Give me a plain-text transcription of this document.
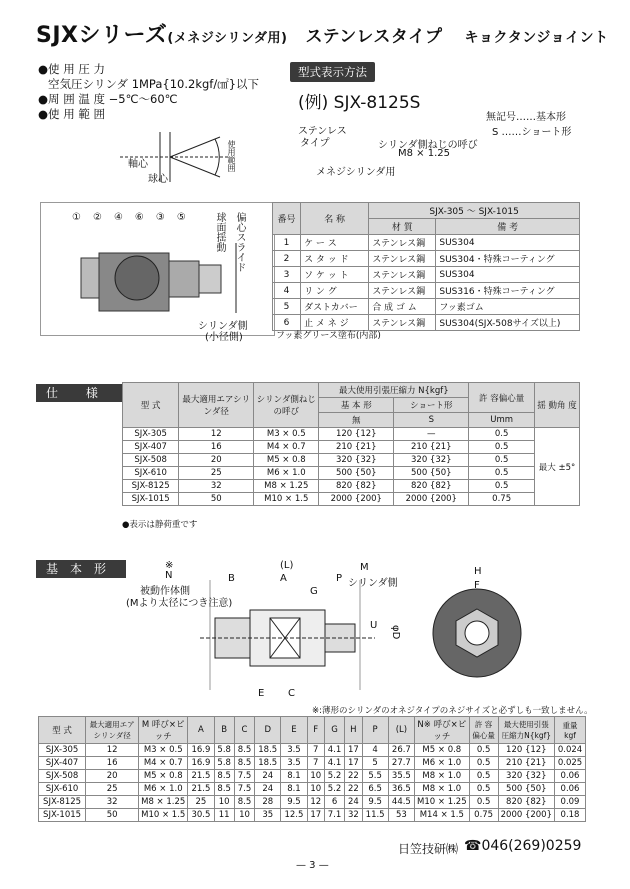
SJXシリーズ(メネジシリンダ用) ステンレスタイプ キョクタンジョイント
●使 用 圧 力
空気圧シリンダ 1MPa{10.2kgf/㎠}以下
●周 囲 温 度 −5℃〜60℃
●使 用 範 囲
軸心
球心
使用範囲
型式表示方法
(例) SJX-8125S
無記号……基本形
S ……ショート形
ステンレス
タイプ	シリンダ側ねじの呼び
M8 × 1.25
メネジシリンダ用
①②④⑥③⑤ 球面揺動 偏心スライド
シリンダ側
(小径側)
番号	名 称	SJX-305 〜 SJX-1015	
		材 質	備 考
1	ケ ー ス	ステンレス鋼	SUS304
2	ス タ ッ ド	ステンレス鋼	SUS304・特殊コーティング
3	ソ ケ ッ ト	ステンレス鋼	SUS304
4	リ ン グ	ステンレス鋼	SUS316・特殊コーティング
5	ダストカバー	合 成 ゴ ム	フッ素ゴム
6	止 メ ネ ジ	ステンレス鋼	SUS304(SJX-508サイズ以上)
フッ素グリース塗布(内部)
仕 様
型 式	最大適用エアシリンダ径	シリンダ側ねじの呼び	最大使用引張圧縮力 N{kgf}		許 容偏心量	揺 動角 度
			基 本 形	ショート形		
			無	S	Umm	
SJX-305	12	M3 × 0.5	120 {12}	—	0.5	最大 ±5°
SJX-407	16	M4 × 0.7	210 {21}	210 {21}	0.5	
SJX-508	20	M5 × 0.8	320 {32}	320 {32}	0.5	
SJX-610	25	M6 × 1.0	500 {50}	500 {50}	0.5	
SJX-8125	32	M8 × 1.25	820 {82}	820 {82}	0.5	
SJX-1015	50	M10 × 1.5	2000 {200}	2000 {200}	0.75	
●表示は静荷重です
基本形	※
N
被動作体側
(Mより太径につき注意)
M
シリンダ側
(L)
B	A	P
G
E C
U φD
H
F
※:薄形のシリンダのオネジタイプのネジサイズと必ずしも一致しません。
型 式	最大適用エアシリンダ径	M 呼び×ピッチ	A	B	C	D	E	F	G	H	P	(L)	N※ 呼び×ピッチ	許 容偏心量	最大使用引張圧縮力N{kgf}	重量kgf

SJX-305	12	M3 × 0.5	16.9	5.8	8.5	18.5	3.5	7	4.1	17	4	26.7	M5 × 0.8	0.5	120 {12}	0.024
SJX-407	16	M4 × 0.7	16.9	5.8	8.5	18.5	3.5	7	4.1	17	5	27.7	M6 × 1.0	0.5	210 {21}	0.025
SJX-508	20	M5 × 0.8	21.5	8.5	7.5	24	8.1	10	5.2	22	5.5	35.5	M8 × 1.0	0.5	320 {32}	0.06
SJX-610	25	M6 × 1.0	21.5	8.5	7.5	24	8.1	10	5.2	22	6.5	36.5	M8 × 1.0	0.5	500 {50}	0.06
SJX-8125	32	M8 × 1.25	25	10	8.5	28	9.5	12	6	24	9.5	44.5	M10 × 1.25	0.5	820 {82}	0.09
SJX-1015	50	M10 × 1.5	30.5	11	10	35	12.5	17	7.1	32	11.5	53	M14 × 1.5	0.75	2000 {200}	0.18
日笠技研㈱ ☎046(269)0259
— 3 —
